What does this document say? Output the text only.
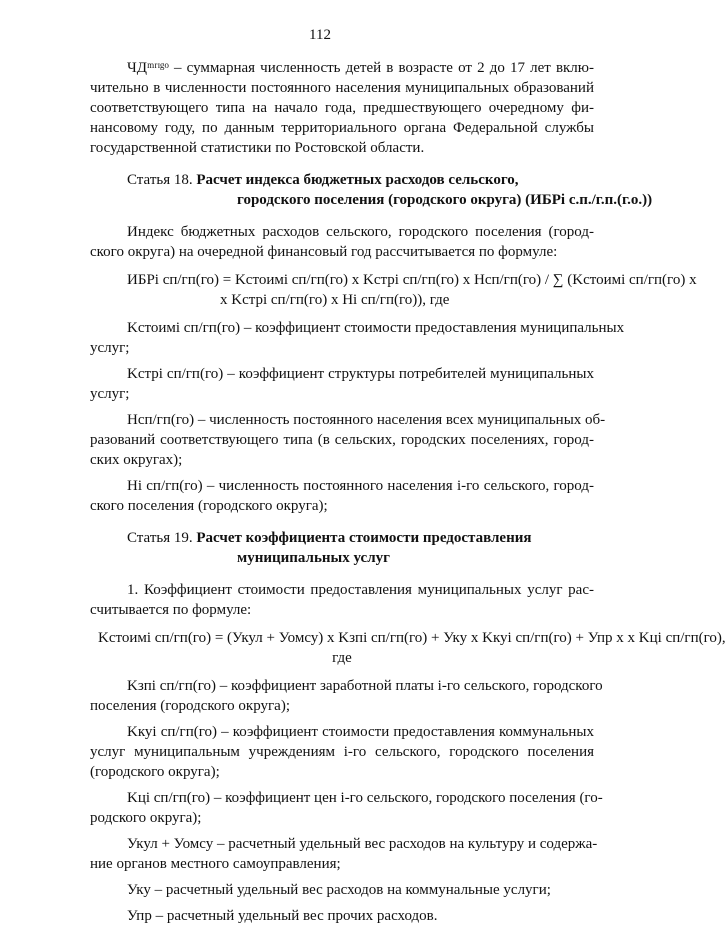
112
ЧДᵐʳᶦᵍᵒ – суммарная численность детей в возрасте от 2 до 17 лет вклю-
чительно в численности постоянного населения муниципальных образований
соответствующего типа на начало года, предшествующего очередному фи-
нансовому году, по данным территориального органа Федеральной службы
государственной статистики по Ростовской области.
Статья 18. Расчет индекса бюджетных расходов сельского,
городского поселения (городского округа) (ИБРi с.п./г.п.(г.о.))
Индекс бюджетных расходов сельского, городского поселения (город-
ского округа) на очередной финансовый год рассчитывается по формуле:
ИБРi сп/гп(го) = Kстоимi сп/гп(го) x Kстрi сп/гп(го) x Нсп/гп(го) / ∑ (Kстоимi сп/гп(го) x
x Kстрi сп/гп(го) x Нi сп/гп(го)), где
Kстоимi сп/гп(го) – коэффициент стоимости предоставления муниципальных
услуг;
Kстрi сп/гп(го) – коэффициент структуры потребителей муниципальных
услуг;
Нсп/гп(го) – численность постоянного населения всех муниципальных об-
разований соответствующего типа (в сельских, городских поселениях, город-
ских округах);
Нi сп/гп(го) – численность постоянного населения i-го сельского, город-
ского поселения (городского округа);
Статья 19. Расчет коэффициента стоимости предоставления
муниципальных услуг
1. Коэффициент стоимости предоставления муниципальных услуг рас-
считывается по формуле:
Kстоимi сп/гп(го) = (Укул + Уомсу) x Kзпi сп/гп(го) + Уку x Kкуi сп/гп(го) + Упр x x Kцi сп/гп(го),
где
Kзпi сп/гп(го) – коэффициент заработной платы i-го сельского, городского
поселения (городского округа);
Kкуi сп/гп(го) – коэффициент стоимости предоставления коммунальных
услуг муниципальным учреждениям i-го сельского, городского поселения
(городского округа);
Kцi сп/гп(го) – коэффициент цен i-го сельского, городского поселения (го-
родского округа);
Укул + Уомсу – расчетный удельный вес расходов на культуру и содержа-
ние органов местного самоуправления;
Уку – расчетный удельный вес расходов на коммунальные услуги;
Упр – расчетный удельный вес прочих расходов.
